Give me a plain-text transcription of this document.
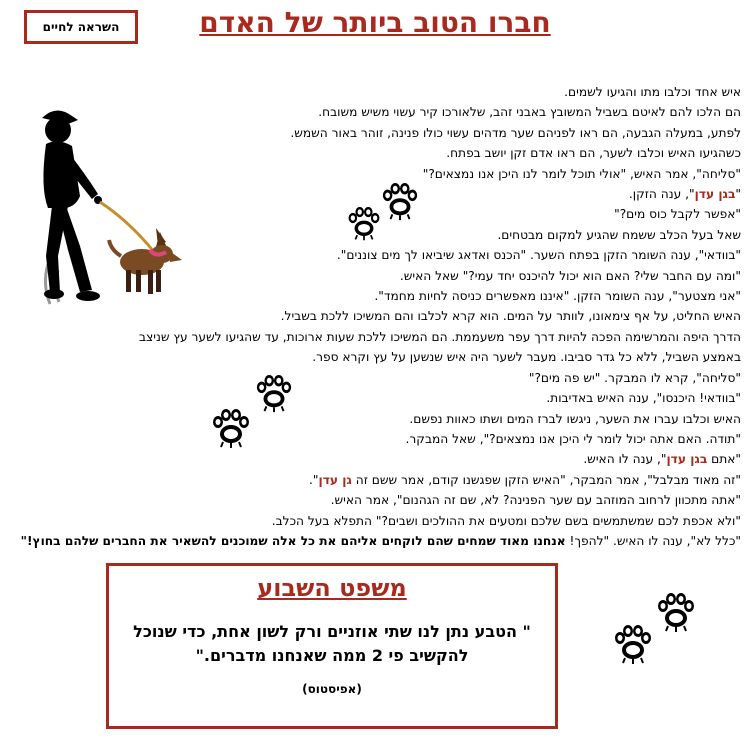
השראה לחיים	חברו הטוב ביותר של האדם
איש אחד וכלבו מתו והגיעו לשמים.
הם הלכו להם לאיטם בשביל המשובץ באבני זהב, שלאורכו קיר עשוי משיש משובח.
לפתע, במעלה הגבעה, הם ראו לפניהם שער מדהים עשוי כולו פנינה, זוהר באור השמש.
כשהגיעו האיש וכלבו לשער, הם ראו אדם זקן יושב בפתח.
"סליחה", אמר האיש, "אולי תוכל לומר לנו היכן אנו נמצאים?"
"בגן עדן", ענה הזקן.
"אפשר לקבל כוס מים?"
שאל בעל הכלב ששמח שהגיע למקום מבטחים.
"בוודאי", ענה השומר הזקן בפתח השער. "הכנס ואדאג שיביאו לך מים צוננים".
"ומה עם החבר שלי? האם הוא יכול להיכנס יחד עמי?" שאל האיש.
"אני מצטער", ענה השומר הזקן. "איננו מאפשרים כניסה לחיות מחמד".
האיש החליט, על אף צימאונו, לוותר על המים. הוא קרא לכלבו והם המשיכו ללכת בשביל.
הדרך היפה והמרשימה הפכה להיות דרך עפר משעממת. הם המשיכו ללכת שעות ארוכות, עד שהגיעו לשער עץ שניצב
באמצע השביל, ללא כל גדר סביבו. מעבר לשער היה איש שנשען על עץ וקרא ספר.
"סליחה", קרא לו המבקר. "יש פה מים?"
"בוודאי! היכנסו", ענה האיש באדיבות.
האיש וכלבו עברו את השער, ניגשו לברז המים ושתו כאוות נפשם.
"תודה. האם אתה יכול לומר לי היכן אנו נמצאים?", שאל המבקר.
"אתם בגן עדן", ענה לו האיש.
"זה מאוד מבלבל", אמר המבקר, "האיש הזקן שפגשנו קודם, אמר ששם זה גן עדן".
"אתה מתכוון לרחוב המוזהב עם שער הפנינה? לא, שם זה הגהנום", אמר האיש.
"ולא אכפת לכם שמשתמשים בשם שלכם ומטעים את ההולכים ושבים?" התפלא בעל הכלב.
"כלל לא", ענה לו האיש. "להפך! אנחנו מאוד שמחים שהם לוקחים אליהם את כל אלה שמוכנים להשאיר את החברים שלהם בחוץ!"
משפט השבוע
" הטבע נתן לנו שתי אוזניים ורק לשון אחת, כדי שנוכל להקשיב פי 2 ממה שאנחנו מדברים."
(אפיסטוס)
